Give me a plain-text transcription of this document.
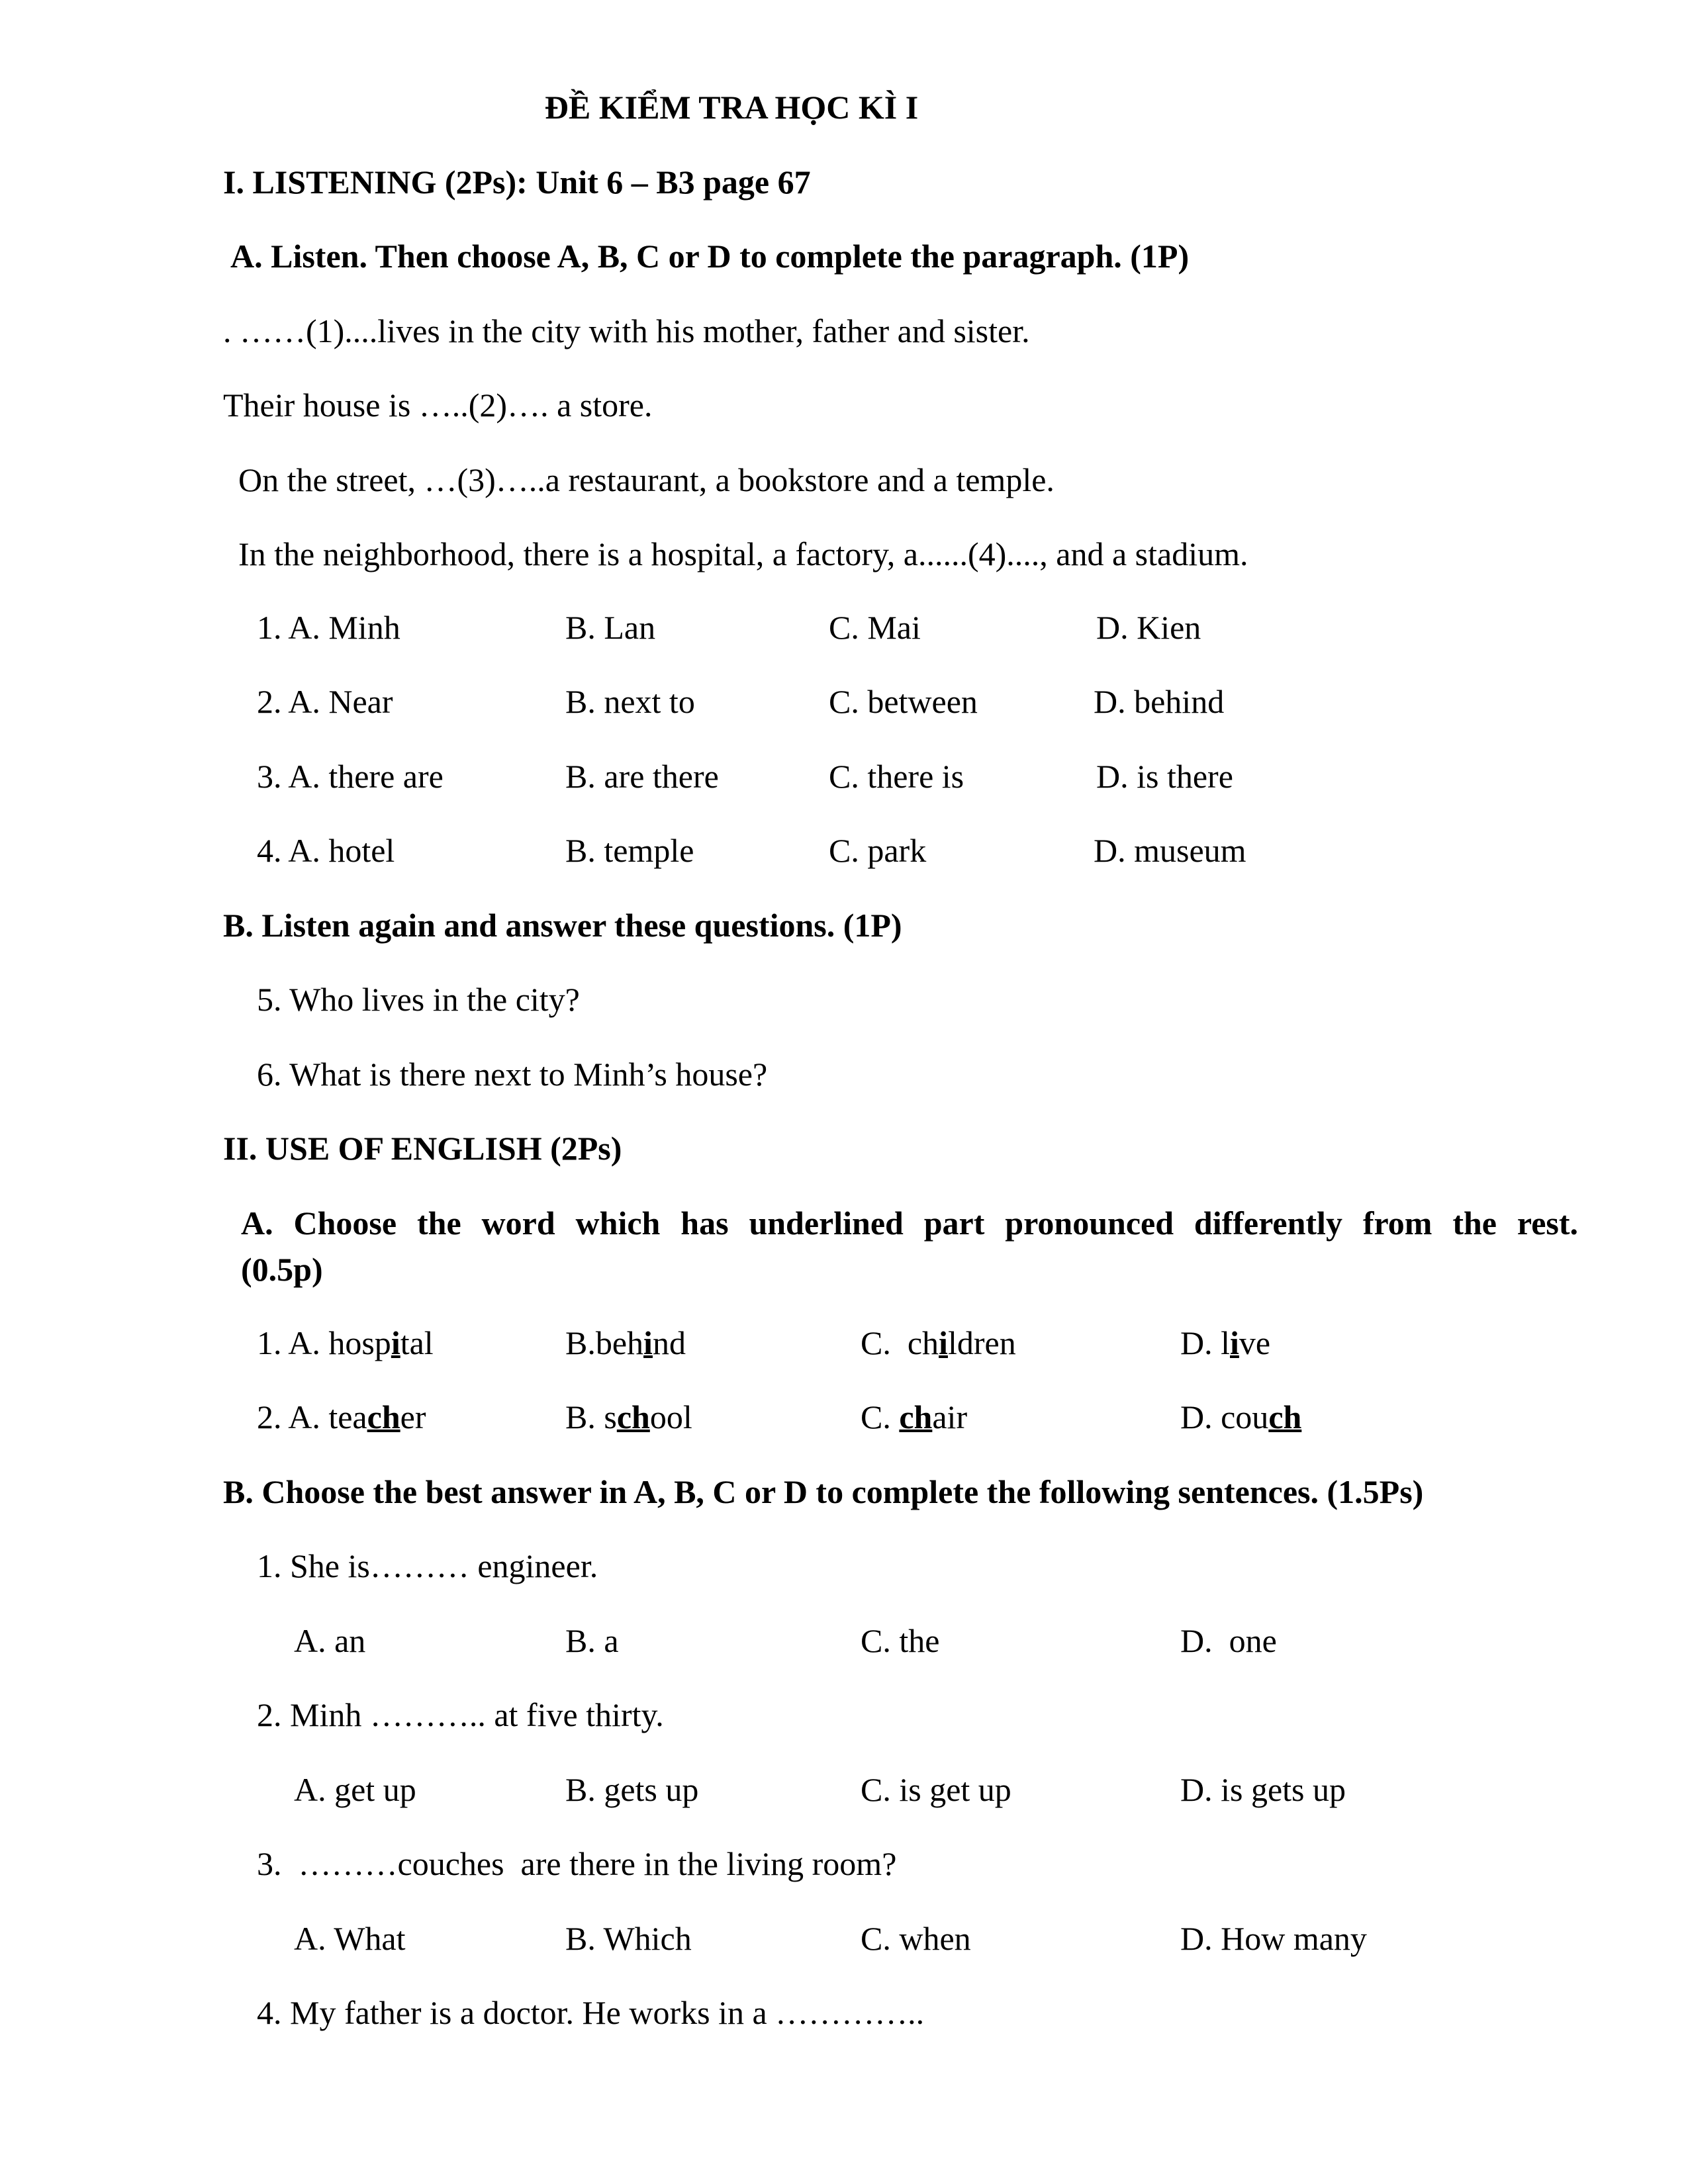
ĐỀ KIỂM TRA HỌC KÌ I
I. LISTENING (2Ps): Unit 6 – B3 page 67
A. Listen. Then choose A, B, C or D to complete the paragraph. (1P)
. ……(1)....lives in the city with his mother, father and sister.
Their house is …..(2)…. a store.
On the street, …(3)…..a restaurant, a bookstore and a temple.
In the neighborhood, there is a hospital, a factory, a......(4)...., and a stadium.
1. A. Minh	B. Lan	C. Mai	D. Kien
2. A. Near	B. next to	C. between	D. behind
3. A. there are	B. are there	C. there is	D. is there
4. A. hotel	B. temple	C. park	D. museum
B. Listen again and answer these questions. (1P)
5. Who lives in the city?
6. What is there next to Minh’s house?
II. USE OF ENGLISH (2Ps)
A. Choose the word which has underlined part pronounced differently from the rest.
(0.5p)
1. A. hospital	B.behind	C.  children	D. live
2. A. teacher	B. school	C. chair	D. couch
B. Choose the best answer in A, B, C or D to complete the following sentences. (1.5Ps)
1. She is……… engineer.
A. an	B. a	C. the	D.  one
2. Minh ……….. at five thirty.
A. get up	B. gets up	C. is get up	D. is gets up
3.  ………couches  are there in the living room?
A. What	B. Which	C. when	D. How many
4. My father is a doctor. He works in a …………..
